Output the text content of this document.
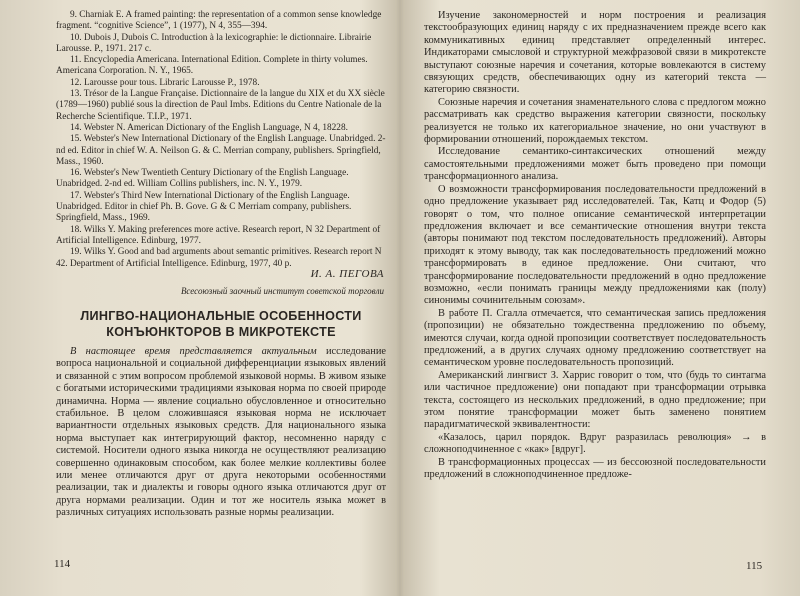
9. Charniak E. A framed painting: the representation of a common sense knowledge fragment. “cognitive Science”, 1 (1977), N 4, 355—394.
10. Dubois J, Dubois C. Introduction à la lexicographie: le dictionnaire. Librairie Larousse. P., 1971. 217 c.
11. Encyclopedia Americana. International Edition. Complete in thirty volumes. Americana Corporation. N. Y., 1965.
12. Larousse pour tous. Libraric Larousse P., 1978.
13. Trésor de la Langue Française. Dictionnaire de la langue du XIX et du XX siècle (1789—1960) publié sous la direction de Paul Imbs. Editions du Centre Nationale de la Recherche Scientifique. T.I.P., 1971.
14. Webster N. American Dictionary of the English Language, N 4, 18228.
15. Webster's New International Dictionary of the English Language. Unabridged. 2-nd ed. Editor in chief W. A. Neilson G. & C. Merrian company, publishers. Springfield, Mass., 1960.
16. Webster's New Twentieth Century Dictionary of the English Language. Unabridged. 2-nd ed. William Collins publishers, inc. N. Y., 1979.
17. Webster's Third New International Dictionary of the English Language. Unabridged. Editor in chief Ph. B. Gove. G & C Merriam company, publishers. Springfield, Mass., 1969.
18. Wilks Y. Making preferences more active. Research report, N 32 Department of Artificial Intelligence. Edinburg, 1977.
19. Wilks Y. Good and bad arguments about semantic primitives. Research report N 42. Department of Artificial Intelligence. Edinburg, 1977, 40 p.
И. А. ПЕГОВА
Всесоюзный заочный институт советской торговли
ЛИНГВО-НАЦИОНАЛЬНЫЕ ОСОБЕННОСТИ
КОНЪЮНКТОРОВ В МИКРОТЕКСТЕ

В настоящее время представляется актуальным исследование вопроса национальной и социальной дифференциации языковых явлений и связанной с этим вопросом проблемой языковой нормы. В живом языке с богатыми историческими традициями языковая норма по своей природе динамична. Норма — явление социально обусловленное и относительно стабильное. В целом сложившаяся языковая норма не исключает вариантности отдельных языковых средств. Для национального языка норма выступает как интегрирующий фактор, несомненно наряду с системой. Носители одного языка никогда не осуществляют реализацию совершенно одинаковым способом, как более мелкие коллективы более или менее отличаются друг от друга некоторыми особенностями реализации, так и диалекты и говоры одного языка отличаются друг от друга нормами реализации. Один и тот же носитель языка может в различных ситуациях использовать разные нормы реализации.

114

Изучение закономерностей и норм построения и реализация текстообразующих единиц наряду с их предназначением прежде всего как коммуникативных единиц представляет определенный интерес. Индикаторами смысловой и структурной межфразовой связи в микротексте выступают союзные наречия и сочетания, которые вовлекаются в систему связующих средств, обеспечивающих одну из категорий текста — категорию связности.

Союзные наречия и сочетания знаменательного слова с предлогом можно рассматривать как средство выражения категории связности, поскольку реализуется не только их категориальное значение, но они участвуют в формировании отношений, порождаемых текстом.

Исследование семантико-синтаксических отношений между самостоятельными предложениями может быть проведено при помощи трансформационного анализа.

О возможности трансформирования последовательности предложений в одно предложение указывает ряд исследователей. Так, Катц и Фодор (5) говорят о том, что полное описание семантической интерпретации предложения включает и все семантические отношения внутри текста (авторы понимают под текстом последовательность предложений). Авторы приходят к этому выводу, так как последовательность предложений можно трансформировать в единое предложение. Они считают, что трансформирование последовательности предложений в одно предложение возможно, «если понимать границы между предложениями как (полу) синонимы сочинительным союзам».

В работе П. Сгалла отмечается, что семантическая запись предложения (пропозиции) не обязательно тождественна предложению по объему, имеются случаи, когда одной пропозиции соответствует последовательность предложений, а в других случаях одному предложению соответствует на семантическом уровне последовательность пропозиций.

Американский лингвист З. Харрис говорит о том, что (будь то синтагма или частичное предложение) они попадают при трансформации отрывка текста, состоящего из нескольких предложений, в одно предложение; при этом понятие трансформации может быть заменено понятием парадигматической эквивалентности:

«Казалось, царил порядок. Вдруг разразилась революция» → в сложноподчиненное с «как» [вдруг].

В трансформационных процессах — из бессоюзной последовательности предложений в сложноподчиненное предложе-

115
